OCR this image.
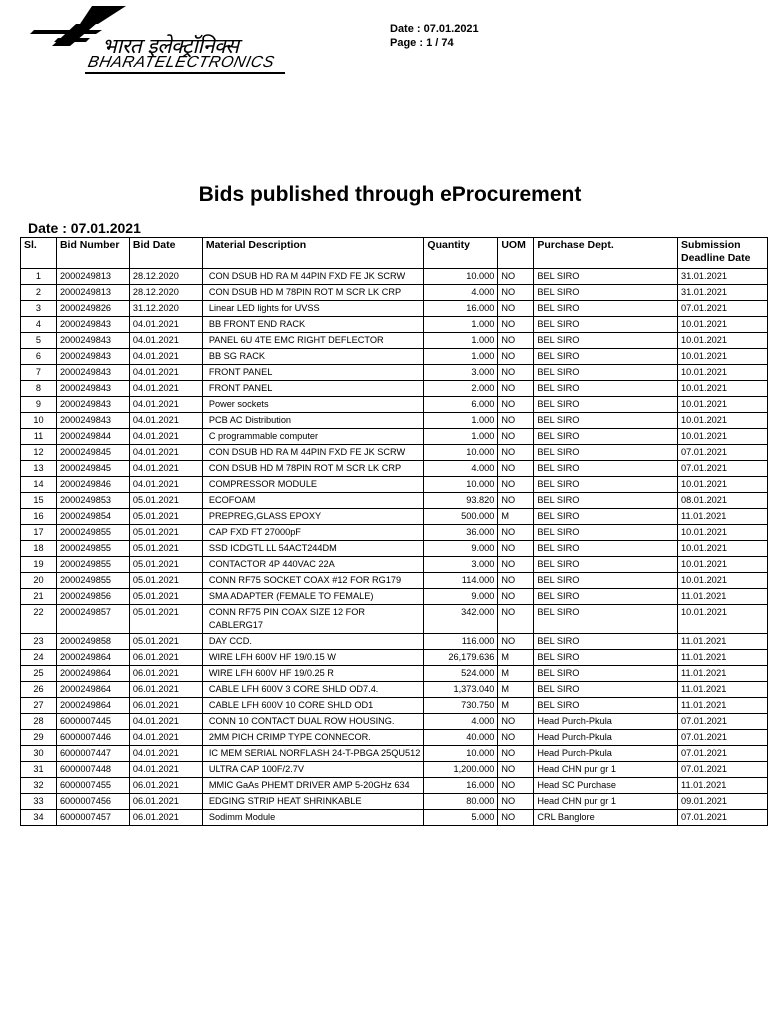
भारत इलेक्ट्रॉनिक्स
BHARATELECTRONICS
Date : 07.01.2021
Page : 1 / 74
Bids published through eProcurement
Date : 07.01.2021
Sl.	Bid Number	Bid Date	Material Description	Quantity	UOM	Purchase Dept.	Submission Deadline Date
1	2000249813	28.12.2020	CON DSUB HD RA M 44PIN FXD FE JK SCRW	10.000	NO	BEL SIRO	31.01.2021
2	2000249813	28.12.2020	CON DSUB HD M 78PIN ROT M SCR LK CRP	4.000	NO	BEL SIRO	31.01.2021
3	2000249826	31.12.2020	Linear LED lights for UVSS	16.000	NO	BEL SIRO	07.01.2021
4	2000249843	04.01.2021	BB FRONT END RACK	1.000	NO	BEL SIRO	10.01.2021
5	2000249843	04.01.2021	PANEL 6U 4TE EMC RIGHT DEFLECTOR	1.000	NO	BEL SIRO	10.01.2021
6	2000249843	04.01.2021	BB SG RACK	1.000	NO	BEL SIRO	10.01.2021
7	2000249843	04.01.2021	FRONT PANEL	3.000	NO	BEL SIRO	10.01.2021
8	2000249843	04.01.2021	FRONT PANEL	2.000	NO	BEL SIRO	10.01.2021
9	2000249843	04.01.2021	Power sockets	6.000	NO	BEL SIRO	10.01.2021
10	2000249843	04.01.2021	PCB AC Distribution	1.000	NO	BEL SIRO	10.01.2021
11	2000249844	04.01.2021	C programmable computer	1.000	NO	BEL SIRO	10.01.2021
12	2000249845	04.01.2021	CON DSUB HD RA M 44PIN FXD FE JK SCRW	10.000	NO	BEL SIRO	07.01.2021
13	2000249845	04.01.2021	CON DSUB HD M 78PIN ROT M SCR LK CRP	4.000	NO	BEL SIRO	07.01.2021
14	2000249846	04.01.2021	COMPRESSOR MODULE	10.000	NO	BEL SIRO	10.01.2021
15	2000249853	05.01.2021	ECOFOAM	93.820	NO	BEL SIRO	08.01.2021
16	2000249854	05.01.2021	PREPREG,GLASS EPOXY	500.000	M	BEL SIRO	11.01.2021
17	2000249855	05.01.2021	CAP FXD FT 27000pF	36.000	NO	BEL SIRO	10.01.2021
18	2000249855	05.01.2021	SSD ICDGTL LL 54ACT244DM	9.000	NO	BEL SIRO	10.01.2021
19	2000249855	05.01.2021	CONTACTOR 4P 440VAC 22A	3.000	NO	BEL SIRO	10.01.2021
20	2000249855	05.01.2021	CONN RF75 SOCKET COAX #12 FOR RG179	114.000	NO	BEL SIRO	10.01.2021
21	2000249856	05.01.2021	SMA ADAPTER (FEMALE TO FEMALE)	9.000	NO	BEL SIRO	11.01.2021
22	2000249857	05.01.2021	CONN RF75 PIN COAX SIZE 12 FOR CABLERG17	342.000	NO	BEL SIRO	10.01.2021
23	2000249858	05.01.2021	DAY CCD.	116.000	NO	BEL SIRO	11.01.2021
24	2000249864	06.01.2021	WIRE LFH 600V HF 19/0.15 W	26,179.636	M	BEL SIRO	11.01.2021
25	2000249864	06.01.2021	WIRE LFH 600V HF 19/0.25 R	524.000	M	BEL SIRO	11.01.2021
26	2000249864	06.01.2021	CABLE LFH 600V 3 CORE SHLD OD7.4.	1,373.040	M	BEL SIRO	11.01.2021
27	2000249864	06.01.2021	CABLE LFH 600V 10 CORE SHLD OD1	730.750	M	BEL SIRO	11.01.2021
28	6000007445	04.01.2021	CONN 10 CONTACT DUAL ROW HOUSING.	4.000	NO	Head Purch-Pkula	07.01.2021
29	6000007446	04.01.2021	2MM PICH CRIMP TYPE CONNECOR.	40.000	NO	Head Purch-Pkula	07.01.2021
30	6000007447	04.01.2021	IC MEM SERIAL NORFLASH 24-T-PBGA 25QU512	10.000	NO	Head Purch-Pkula	07.01.2021
31	6000007448	04.01.2021	ULTRA CAP 100F/2.7V	1,200.000	NO	Head CHN pur gr 1	07.01.2021
32	6000007455	06.01.2021	MMIC GaAs PHEMT DRIVER AMP 5-20GHz 634	16.000	NO	Head SC Purchase	11.01.2021
33	6000007456	06.01.2021	EDGING STRIP HEAT SHRINKABLE	80.000	NO	Head CHN pur gr 1	09.01.2021
34	6000007457	06.01.2021	Sodimm Module	5.000	NO	CRL Banglore	07.01.2021
